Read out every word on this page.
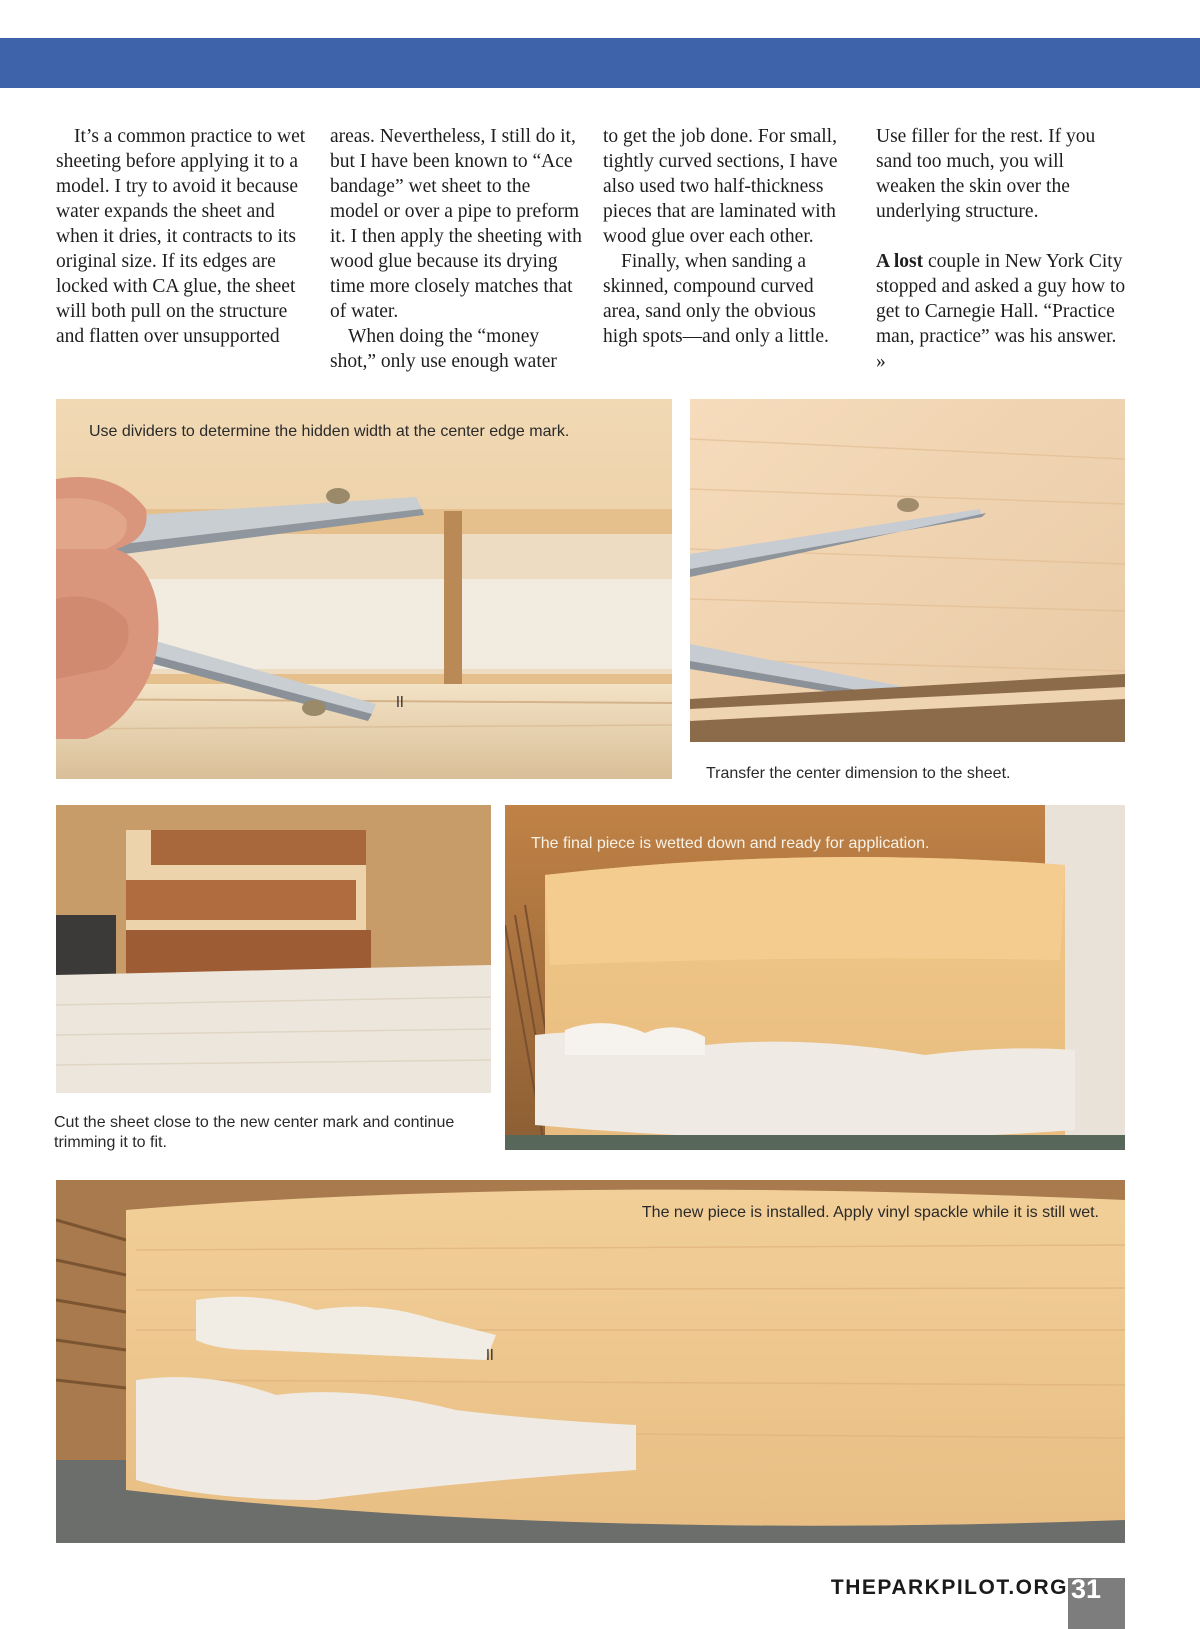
It’s a common practice to wet sheeting before applying it to a model. I try to avoid it because water expands the sheet and when it dries, it contracts to its original size. If its edges are locked with CA glue, the sheet will both pull on the structure and flatten over unsupported

areas. Nevertheless, I still do it, but I have been known to “Ace bandage” wet sheet to the model or over a pipe to preform it. I then apply the sheeting with wood glue because its drying time more closely matches that of water.

When doing the “money shot,” only use enough water

to get the job done. For small, tightly curved sections, I have also used two half-thickness pieces that are laminated with wood glue over each other.

Finally, when sanding a skinned, compound curved area, sand only the obvious high spots—and only a little.

Use filler for the rest. If you sand too much, you will weaken the skin over the underlying structure.

A lost couple in New York City stopped and asked a guy how to get to Carnegie Hall. “Practice man, practice” was his answer. »

ll
Use dividers to determine the hidden width at the center edge mark.
Transfer the center dimension to the sheet.
Cut the sheet close to the new center mark and continue trimming it to fit.
The final piece is wetted down and ready for application.
ll
The new piece is installed. Apply vinyl spackle while it is still wet.
THEPARKPILOT.ORG 31
